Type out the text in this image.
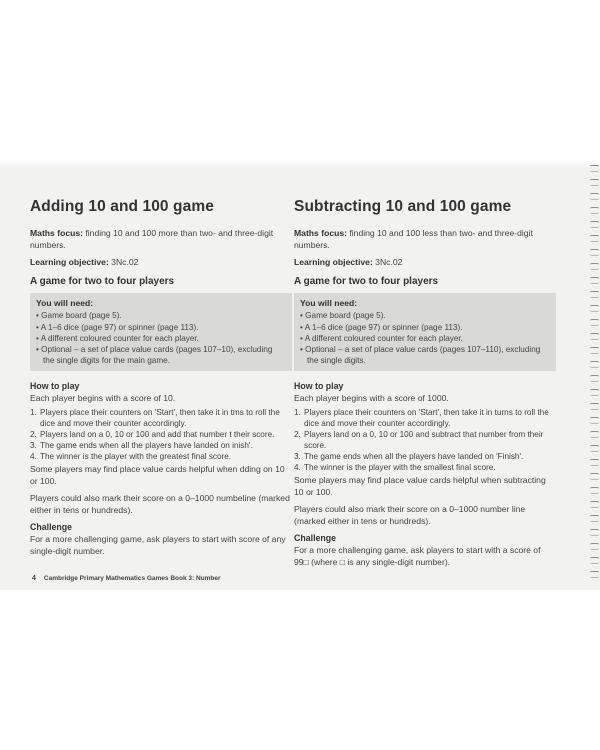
Adding 10 and 100 game
Maths focus: finding 10 and 100 more than two- and three-digit numbers.
Learning objective: 3Nc.02
A game for two to four players
You will need:
• Game board (page 5).
• A 1–6 dice (page 97) or spinner (page 113).
• A different coloured counter for each player.
• Optional – a set of place value cards (pages 107–10), excluding the single digits for the main game.
How to play
Each player begins with a score of 10.
1. Players place their counters on 'Start', then take it in tms to roll the dice and move their counter accordingly.
2. Players land on a 0, 10 or 100 and add that number t their score.
3. The game ends when all the players have landed on inish'.
4. The winner is the player with the greatest final score.
Some players may find place value cards helpful when dding on 10 or 100.
Players could also mark their score on a 0–1000 numbeline (marked either in tens or hundreds).
Challenge
For a more challenging game, ask players to start with score of any single-digit number.
Subtracting 10 and 100 game
Maths focus: finding 10 and 100 less than two- and three-digit numbers.
Learning objective: 3Nc.02
A game for two to four players
You will need:
• Game board (page 5).
• A 1–6 dice (page 97) or spinner (page 113).
• A different coloured counter for each player.
• Optional – a set of place value cards (pages 107–110), excluding the single digits.
How to play
Each player begins with a score of 1000.
1. Players place their counters on 'Start', then take it in turns to roll the dice and move their counter accordingly.
2. Players land on a 0, 10 or 100 and subtract that number from their score.
3. The game ends when all the players have landed on 'Finish'.
4. The winner is the player with the smallest final score.
Some players may find place value cards helpful when subtracting 10 or 100.
Players could also mark their score on a 0–1000 number line (marked either in tens or hundreds).
Challenge
For a more challenging game, ask players to start with a score of 99□ (where □ is any single-digit number).
4 Cambridge Primary Mathematics Games Book 3: Number
